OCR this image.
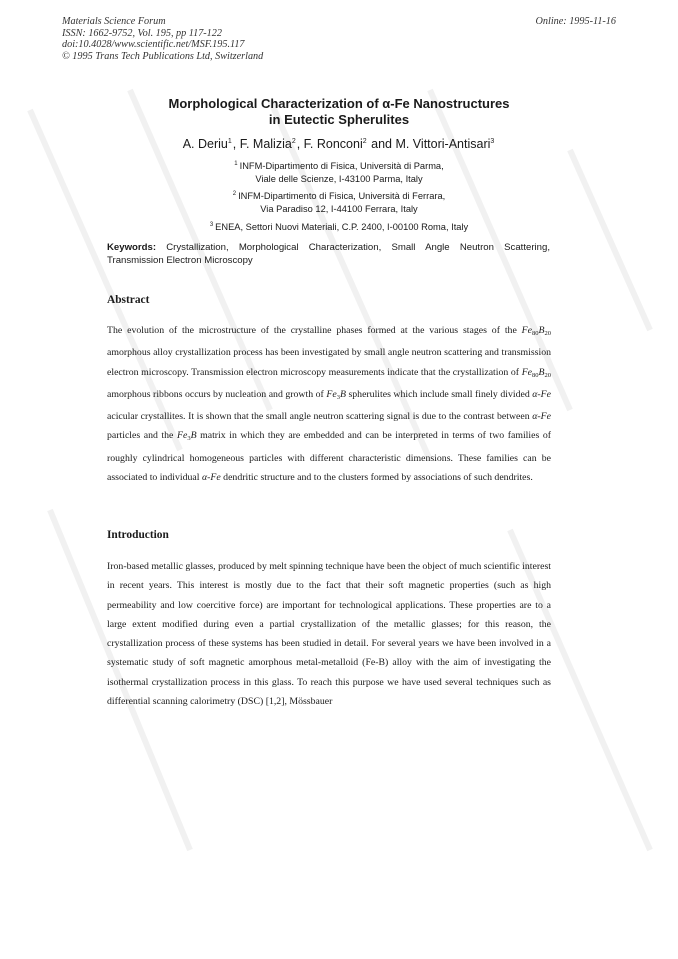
Materials Science Forum
ISSN: 1662-9752, Vol. 195, pp 117-122
doi:10.4028/www.scientific.net/MSF.195.117
© 1995 Trans Tech Publications Ltd, Switzerland
Online: 1995-11-16
Morphological Characterization of α-Fe Nanostructures
in Eutectic Spherulites
A. Deriu$^1$, F. Malizia$^2$, F. Ronconi$^2$ and M. Vittori-Antisari$^3$
$^1$ INFM-Dipartimento di Fisica, Università di Parma,
Viale delle Scienze, I-43100 Parma, Italy
$^2$ INFM-Dipartimento di Fisica, Università di Ferrara,
Via Paradiso 12, I-44100 Ferrara, Italy
$^3$ ENEA, Settori Nuovi Materiali, C.P. 2400, I-00100 Roma, Italy
Keywords: Crystallization, Morphological Characterization, Small Angle Neutron Scattering, Transmission Electron Microscopy
Abstract
The evolution of the microstructure of the crystalline phases formed at the various stages of the $Fe_{80}B_{20}$ amorphous alloy crystallization process has been investigated by small angle neutron scattering and transmission electron microscopy. Transmission electron microscopy measurements indicate that the crystallization of $Fe_{80}B_{20}$ amorphous ribbons occurs by nucleation and growth of $Fe_3B$ spherulites which include small finely divided α-Fe acicular crystallites. It is shown that the small angle neutron scattering signal is due to the contrast between α-Fe particles and the $Fe_3B$ matrix in which they are embedded and can be interpreted in terms of two families of roughly cylindrical homogeneous particles with different characteristic dimensions. These families can be associated to individual α-Fe dendritic structure and to the clusters formed by associations of such dendrites.
Introduction
Iron-based metallic glasses, produced by melt spinning technique have been the object of much scientific interest in recent years. This interest is mostly due to the fact that their soft magnetic properties (such as high permeability and low coercitive force) are important for technological applications. These properties are to a large extent modified during even a partial crystallization of the metallic glasses; for this reason, the crystallization process of these systems has been studied in detail. For several years we have been involved in a systematic study of soft magnetic amorphous metal-metalloid (Fe-B) alloy with the aim of investigating the isothermal crystallization process in this glass. To reach this purpose we have used several techniques such as differential scanning calorimetry (DSC) [1,2], Mössbauer
